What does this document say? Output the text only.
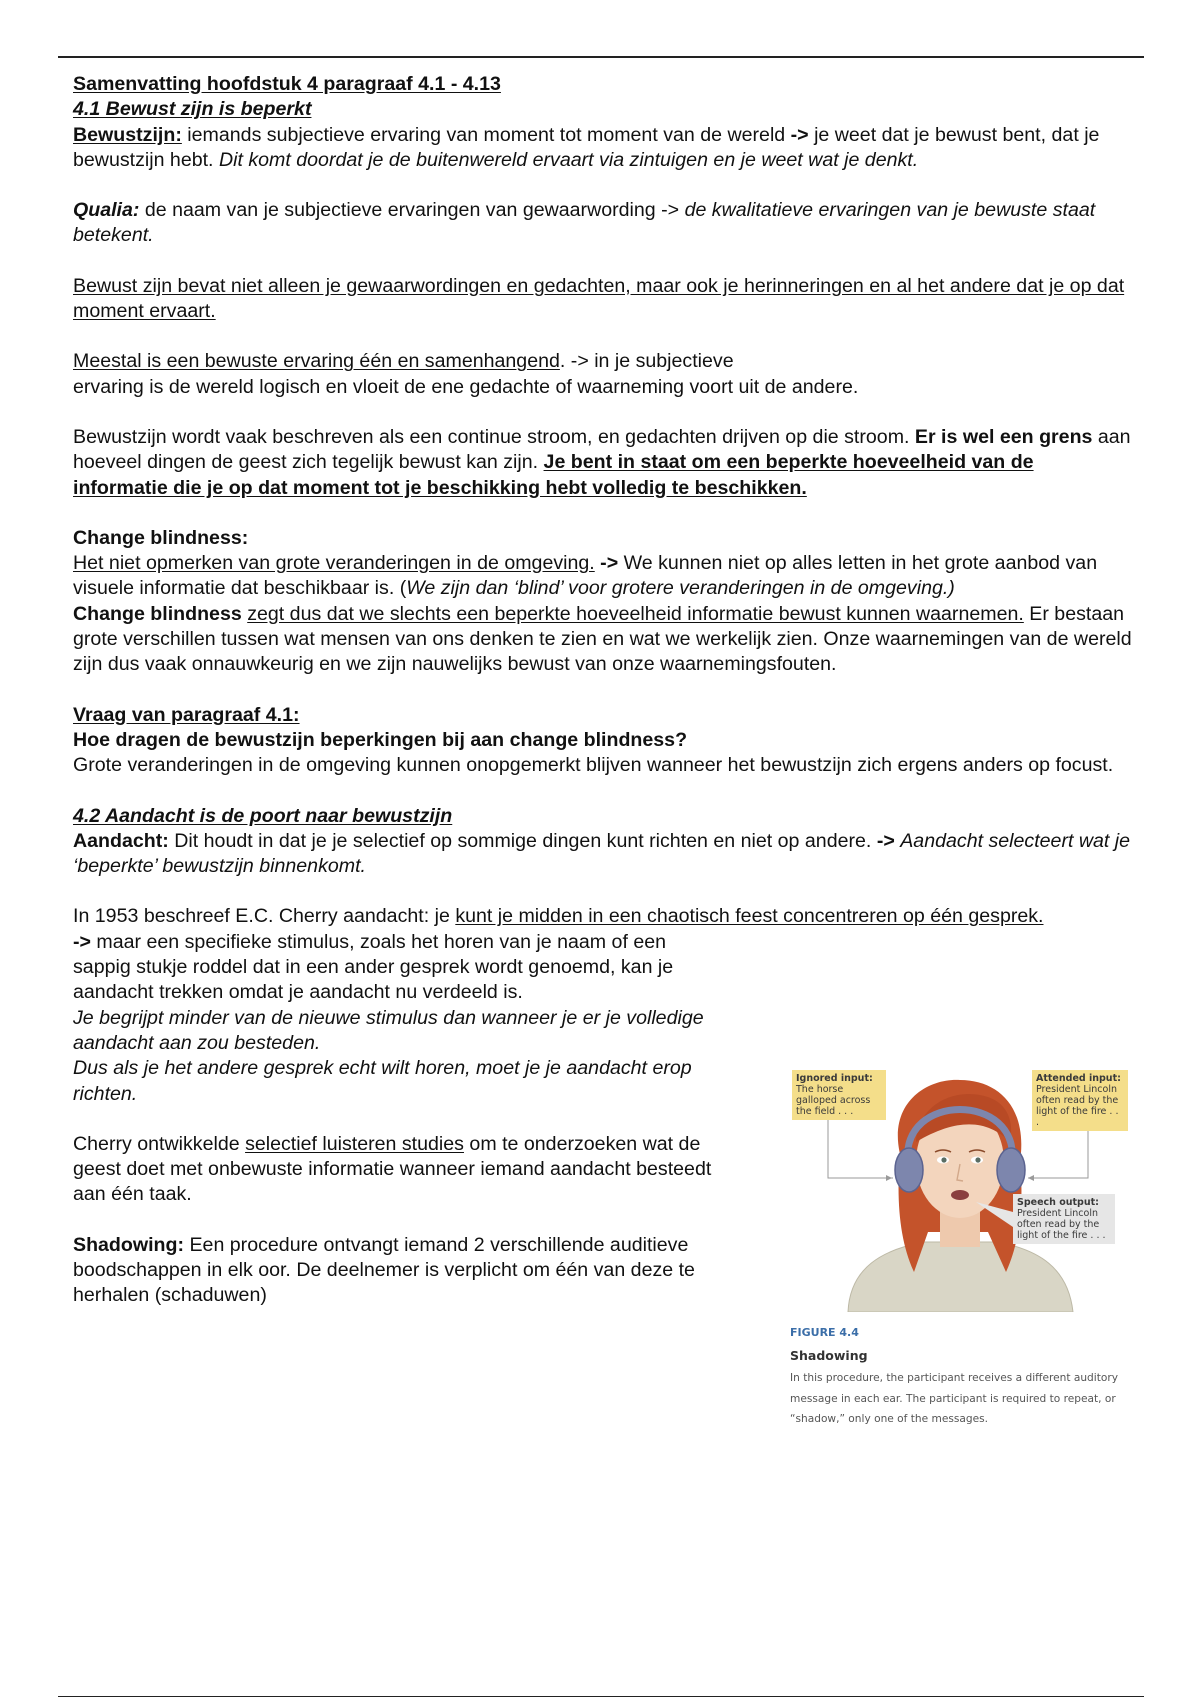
Samenvatting hoofdstuk 4 paragraaf 4.1 - 4.13

4.1 Bewust zijn is beperkt

Bewustzijn: iemands subjectieve ervaring van moment tot moment van de wereld -> je weet dat je bewust bent, dat je bewustzijn hebt. Dit komt doordat je de buitenwereld ervaart via zintuigen en je weet wat je denkt.

Qualia: de naam van je subjectieve ervaringen van gewaarwording -> de kwalitatieve ervaringen van je bewuste staat betekent.

Bewust zijn bevat niet alleen je gewaarwordingen en gedachten, maar ook je herinneringen en al het andere dat je op dat moment ervaart.

Meestal is een bewuste ervaring één en samenhangend. -> in je subjectieve
ervaring is de wereld logisch en vloeit de ene gedachte of waarneming voort uit de andere.

Bewustzijn wordt vaak beschreven als een continue stroom, en gedachten drijven op die stroom. Er is wel een grens aan hoeveel dingen de geest zich tegelijk bewust kan zijn. Je bent in staat om een beperkte hoeveelheid van de informatie die je op dat moment tot je beschikking hebt volledig te beschikken.

Change blindness:

Het niet opmerken van grote veranderingen in de omgeving. -> We kunnen niet op alles letten in het grote aanbod van visuele informatie dat beschikbaar is. (We zijn dan ‘blind’ voor grotere veranderingen in de omgeving.)

Change blindness zegt dus dat we slechts een beperkte hoeveelheid informatie bewust kunnen waarnemen. Er bestaan grote verschillen tussen wat mensen van ons denken te zien en wat we werkelijk zien. Onze waarnemingen van de wereld zijn dus vaak onnauwkeurig en we zijn nauwelijks bewust van onze waarnemingsfouten.

Vraag van paragraaf 4.1:

Hoe dragen de bewustzijn beperkingen bij aan change blindness?

Grote veranderingen in de omgeving kunnen onopgemerkt blijven wanneer het bewustzijn zich ergens anders op focust.

4.2 Aandacht is de poort naar bewustzijn

Aandacht: Dit houdt in dat je je selectief op sommige dingen kunt richten en niet op andere. -> Aandacht selecteert wat je ‘beperkte’ bewustzijn binnenkomt.

In 1953 beschreef E.C. Cherry aandacht: je kunt je midden in een chaotisch feest concentreren op één gesprek.

-> maar een specifieke stimulus, zoals het horen van je naam of een sappig stukje roddel dat in een ander gesprek wordt genoemd, kan je aandacht trekken omdat je aandacht nu verdeeld is.

Je begrijpt minder van de nieuwe stimulus dan wanneer je er je volledige aandacht aan zou besteden.

Dus als je het andere gesprek echt wilt horen, moet je je aandacht erop richten.

Cherry ontwikkelde selectief luisteren studies om te onderzoeken wat de geest doet met onbewuste informatie wanneer iemand aandacht besteedt aan één taak.

Shadowing: Een procedure ontvangt iemand 2 verschillende auditieve boodschappen in elk oor. De deelnemer is verplicht om één van deze te herhalen (schaduwen)

Ignored input:
The horse galloped across the field . . .
Attended input:
President Lincoln often read by the light of the fire . . .
Speech output:
President Lincoln often read by the light of the fire . . .
FIGURE 4.4
Shadowing
In this procedure, the participant receives a different auditory message in each ear. The participant is required to repeat, or “shadow,” only one of the messages.
